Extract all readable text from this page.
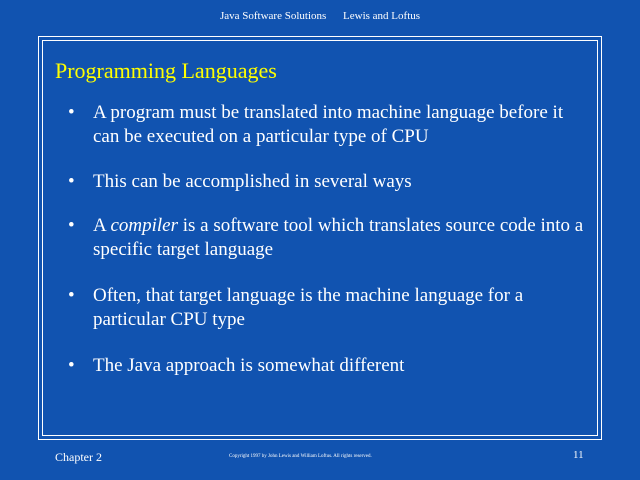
Java Software Solutions Lewis and Loftus
Programming Languages
• A program must be translated into machine language before it can be executed on a particular type of CPU
• This can be accomplished in several ways
• A compiler is a software tool which translates source code into a specific target language
• Often, that target language is the machine language for a particular CPU type
• The Java approach is somewhat different
Chapter 2	Copyright 1997 by John Lewis and William Loftus. All rights reserved.	11
